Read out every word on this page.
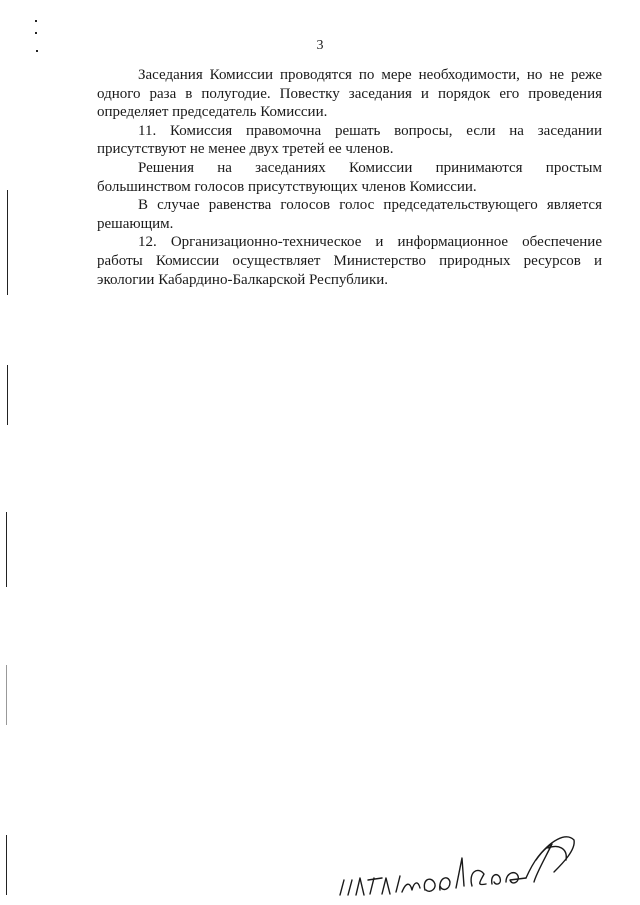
3

Заседания Комиссии проводятся по мере необходимости, но не реже одного раза в полугодие. Повестку заседания и порядок его проведения определяет председатель Комиссии.

11. Комиссия правомочна решать вопросы, если на заседании присутствуют не менее двух третей ее членов.

Решения на заседаниях Комиссии принимаются простым большинством голосов присутствующих членов Комиссии.

В случае равенства голосов голос председательствующего является решающим.

12. Организационно-техническое и информационное обеспечение работы Комиссии осуществляет Министерство природных ресурсов и экологии Кабардино-Балкарской Республики.
